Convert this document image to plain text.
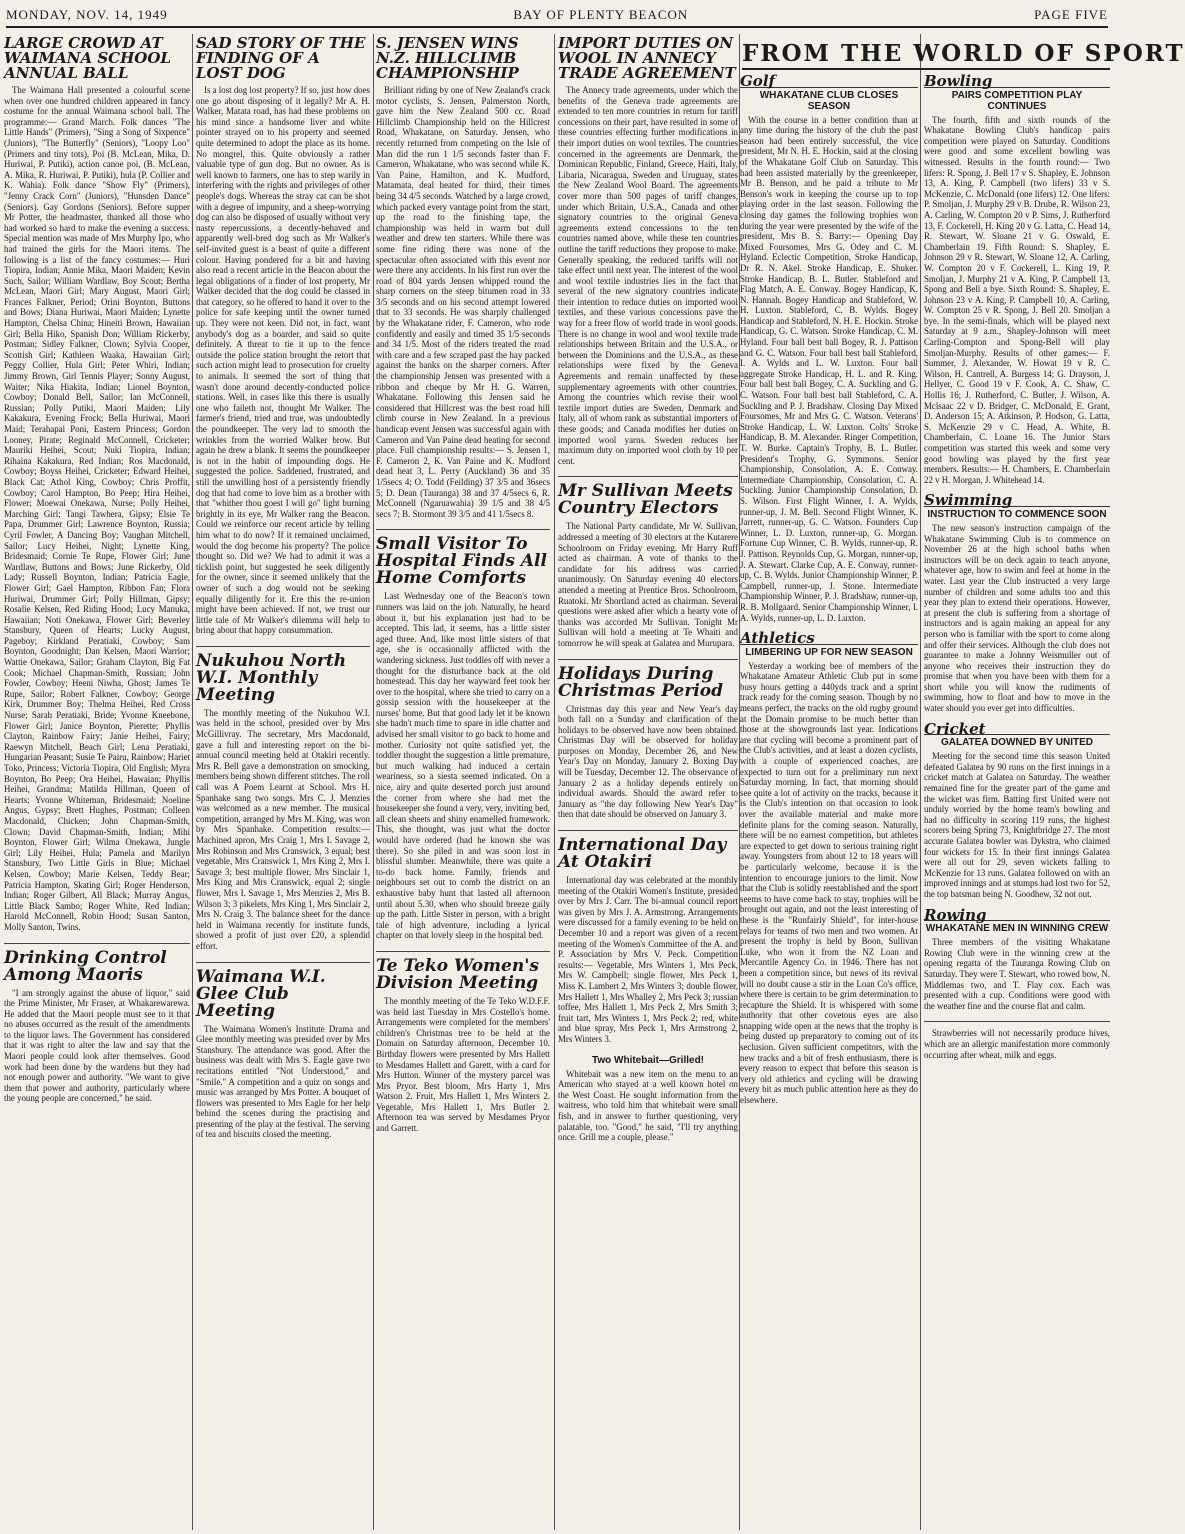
MONDAY, NOV. 14, 1949	BAY OF PLENTY BEACON	PAGE FIVE
LARGE CROWD AT WAIMANA SCHOOL ANNUAL BALL

The Waimana Hall presented a colourful scene when over one hundred children appeared in fancy costume for the annual Waimana school ball. The programme:— Grand March. Folk dances "The Little Hands" (Primers), "Sing a Song of Sixpence" (Juniors), "The Butterfly" (Seniors), "Loopy Loo" (Primers and tiny tots), Poi (B. McLean, Mika, D. Huriwai, P. Putiki), action canoe poi, (B. McLean, A. Mika, R. Huriwai, P. Putiki), hula (P. Collier and K. Wahia). Folk dance "Show Fly" (Primers), "Jenny Crack Corn" (Juniors), "Hunsden Dance" (Seniors). Gay Gordons (Seniors). Before supper Mr Potter, the headmaster, thanked all those who had worked so hard to make the evening a success. Special mention was made of Mrs Murphy Ipo, who had trained the girls for the Maori items. The following is a list of the fancy costumes:— Huri Tiopira, Indian; Annie Mika, Maori Maiden; Kevin Such, Sailor; William Wardlaw, Boy Scout; Bertha McLean, Maori Girl; Mary August, Maori Girl; Frances Falkner, Period; Orini Boynton, Buttons and Bows; Diana Huriwai, Maori Maiden; Lynette Hampton, Chelsa China; Hineiti Brown, Hawaiian Girl; Bella Hiko, Spanish Don; William Rickerby, Postman; Sidley Falkner, Clown; Sylvia Cooper, Scottish Girl; Kathleen Waaka, Hawaiian Girl; Peggy Collier, Hula Girl; Peter Whiri, Indian; Jimmy Brown, Girl Tennis Player; Sonny August, Waiter; Nika Hiakita, Indian; Lionel Boynton, Cowboy; Donald Bell, Sailor; Ian McConnell, Russian; Polly Putiki, Maori Maiden; Lily Kakakura, Evening Frock; Bella Huriwai, Maori Maid; Terahapai Poni, Eastern Princess; Gordon Looney, Pirate; Reginald McConnell, Cricketer; Mauriki Heihei, Scout; Nuki Tiopira, Indian; Rihaina Kakakura, Red Indian; Ros Macdonald, Cowboy; Boyss Heihei, Cricketer; Edward Heihei, Black Cat; Athol King, Cowboy; Chris Proffit, Cowboy; Carol Hampton, Bo Peep; Hira Heihei, Flower; Moewai Onekawa, Nurse; Polly Heihei, Marching Girl; Tangi Tawhera, Gipsy; Elsie Te Papa, Drummer Girl; Lawrence Boynton, Russia; Cyril Fowler, A Dancing Boy; Vaughan Mitchell, Sailor; Lucy Heihei, Night; Lynette King, Bridesmaid; Cornie Te Rupe, Flower Girl; June Wardlaw, Buttons and Bows; June Rickerby, Old Lady; Russell Boynton, Indian; Patricia Eagle, Flower Girl; Gael Hampton, Ribbon Fan; Flora Huriwai, Drummer Girl; Polly Hillman, Gipsy; Rosalie Kelsen, Red Riding Hood; Lucy Manuka, Hawaiian; Noti Onekawa, Flower Girl; Beverley Stansbury, Queen of Hearts; Lucky August, Pageboy; Kirkland Peratiaki, Cowboy; Sam Boynton, Goodnight; Dan Kelsen, Maori Warrior; Wattie Onekawa, Sailor; Graham Clayton, Big Fat Cook; Michael Chapman-Smith, Russian; John Fowler, Cowboy; Heeni Niwha, Ghost; James Te Rupe, Sailor; Robert Falkner, Cowboy; George Kirk, Drummer Boy; Thelma Heihei, Red Cross Nurse; Sarah Peratiaki, Bride; Yvonne Kneebone, Flower Girl; Janice Boynton, Pierette; Phyllis Clayton, Rainbow Fairy; Janie Heihei, Fairy; Raewyn Mitchell, Beach Girl; Lena Peratiaki, Hungarian Peasant; Susie Te Pairu, Rainbow; Hariet Toko, Princess; Victoria Tiopira, Old English; Myra Boynton, Bo Peep; Ora Heihei, Hawaian; Phyllis Heihei, Grandma; Matilda Hillman, Queen of Hearts; Yvonne Whiteman, Bridesmaid; Noeline Angus, Gypsy; Brett Hughes, Postman; Colleen Macdonald, Chicken; John Chapman-Smith, Clown; David Chapman-Smith, Indian; Mihi Boynton, Flower Girl; Wilma Onekawa, Jungle Girl; Lily Heihei, Hula; Pamela and Marilyn Stansbury, Two Little Girls in Blue; Michael Kelsen, Cowboy; Marie Kelsen, Teddy Bear; Patricia Hampton, Skating Girl; Roger Henderson, Indian; Roger Gilbert, All Black; Murray Angus, Little Black Sambo; Roger White, Red Indian; Harold McConnell, Robin Hood; Susan Santon, Molly Santon, Twins.

Drinking Control Among Maoris

"I am strongly against the abuse of liquor," said the Prime Minister, Mr Fraser, at Whakarewarewa. He added that the Maori people must see to it that no abuses occurred as the result of the amendments to the liquor laws. The Government has considered that it was right to alter the law and say that the Maori people could look after themselves. Good work had been done by the wardens but they had not enough power and authority. "We want to give them that power and authority, particularly where the young people are concerned," he said.

SAD STORY OF THE FINDING OF A LOST DOG

Is a lost dog lost property? If so, just how does one go about disposing of it legally? Mr A. H. Walker, Matata road, has had these problems on his mind since a handsome liver and white pointer strayed on to his property and seemed quite determined to adopt the place as its home. No mongrel, this. Quite obviously a rather valuable type of gun dog. But no owner. As is well known to farmers, one has to step warily in interfering with the rights and privileges of other people's dogs. Whereas the stray cat can be shot with a degree of impunity, and a sheep-worrying dog can also be disposed of usually without very nasty repercussions, a decently-behaved and apparently well-bred dog such as Mr Walker's self-invited guest is a beast of quite a different colour. Having pondered for a bit and having also read a recent article in the Beacon about the legal obligations of a finder of lost property, Mr Walker decided that the dog could be classed in that category, so he offered to hand it over to the police for safe keeping until the owner turned up. They were not keen. Did not, in fact, want anybody's dog as a boarder, and said so quite definitely. A threat to tie it up to the fence outside the police station brought the retort that such action might lead to prosecution for cruelty to animals. It seemed the sort of thing that wasn't done around decently-conducted police stations. Well, in cases like this there is usually one who faileth not, thought Mr Walker. The farmer's friend, tried and true, was undoubtedly the poundkeeper. The very lad to smooth the wrinkles from the worried Walker brow. But again he drew a blank. It seems the poundkeeper is not in the habit of impounding dogs. He suggested the police. Saddened, frustrated, and still the unwilling host of a persistently friendly dog that had come to love him as a brother with that "whither thou goest I will go" light burning brightly in its eye, Mr Walker rang the Beacon. Could we reinforce our recent article by telling him what to do now? If it remained unclaimed, would the dog become his property? The police thought so. Did we? We had to admit it was a ticklish point, but suggested he seek diligently for the owner, since it seemed unlikely that the owner of such a dog would not be seeking equally diligently for it. Ere this the re-union might have been achieved. If not, we trust our little tale of Mr Walker's dilemma will help to bring about that happy consummation.

Nukuhou North W.I. Monthly Meeting

The monthly meeting of the Nukuhou W.I. was held in the school, presided over by Mrs McGillivray. The secretary, Mrs Macdonald, gave a full and interesting report on the bi-annual council meeting held at Otakiri recently. Mrs R. Bell gave a demonstration on smocking, members being shown different stitches. The roll call was A Poem Learnt at School. Mrs H. Spanhake sang two songs. Mrs C. J. Menzies was welcomed as a new member. The musical competition, arranged by Mrs M. King, was won by Mrs Spanhake. Competition results:— Machined apron, Mrs Craig 1, Mrs I. Savage 2, Mrs Robinson and Mrs Cranswick, 3 equal; best vegetable, Mrs Cranswick 1, Mrs King 2, Mrs I. Savage 3; best multiple flower, Mrs Sinclair 1, Mrs King and Mrs Cranswick, equal 2; single flower, Mrs I. Savage 1, Mrs Menzies 2, Mrs B. Wilson 3; 3 pikelets, Mrs King 1, Mrs Sinclair 2, Mrs N. Craig 3. The balance sheet for the dance held in Waimana recently for institute funds, showed a profit of just over £20, a splendid effort.

Waimana W.I. Glee Club Meeting

The Waimana Women's Institute Drama and Glee monthly meeting was presided over by Mrs Stansbury. The attendance was good. After the business was dealt with Mrs S. Eagle gave two recitations entitled "Not Understood," and "Smile." A competition and a quiz on songs and music was arranged by Mrs Potter. A bouquet of flowers was presented to Mrs Eagle for her help behind the scenes during the practising and presenting of the play at the festival. The serving of tea and biscuits closed the meeting.

S. JENSEN WINS N.Z. HILLCLIMB CHAMPIONSHIP

Brilliant riding by one of New Zealand's crack motor cyclists, S. Jensen, Palmerston North, gave him the New Zealand 500 cc. Road Hillclimb Championship held on the Hillcrest Road, Whakatane, on Saturday. Jensen, who recently returned from competing on the Isle of Man did the run 1 1/5 seconds faster than F. Cameron, Whakatane, who was second while K. Van Paine, Hamilton, and K. Mudford, Matamata, deal heated for third, their times being 34 4/5 seconds. Watched by a large crowd, which packed every vantage point from the start, up the road to the finishing tape, the championship was held in warm but dull weather and drew ten starters. While there was some fine riding there was none of the spectacular often associated with this event nor were there any accidents. In his first run over the road of 804 yards Jensen whipped round the sharp corners on the steep bitumen road in 33 3/5 seconds and on his second attempt lowered that to 33 seconds. He was sharply challenged by the Whakatane rider, F. Cameron, who rode confidently and easily and timed 35 1/5 seconds and 34 1/5. Most of the riders treated the road with care and a few scraped past the hay packed against the banks on the sharper corners. After the championship Jensen was presented with a ribbon and cheque by Mr H. G. Warren, Whakatane. Following this Jensen said he considered that Hillcrest was the best road hill climb course in New Zealand. In a previous handicap event Jensen was successful again with Cameron and Van Paine dead heating for second place. Full championship results:— S. Jensen 1, F. Cameron 2, K. Van Paine and K. Mudford dead heat 3, L. Perry (Auckland) 36 and 35 1/5secs 4; O. Todd (Feilding) 37 3/5 and 36secs 5; D. Dean (Tauranga) 38 and 37 4/5secs 6, R. McConnell (Ngaruawahia) 39 1/5 and 38 4/5 secs 7; B. Stormont 39 3/5 and 41 1/5secs 8.

Small Visitor To Hospital Finds All Home Comforts

Last Wednesday one of the Beacon's town runners was laid on the job. Naturally, he heard about it, but his explanation just had to be accepted. This lad, it seems, has a little sister aged three. And, like most little sisters of that age, she is occasionally afflicted with the wandering sickness. Just toddles off with never a thought for the disturbance back at the old homestead. This day her wayward feet took her over to the hospital, where she tried to carry on a gossip session with the housekeeper at the nurses' home. But that good lady let it be known she hadn't much time to spare in idle chatter and advised her small visitor to go back to home and mother. Curiosity not quite satisfied yet, the toddler thought the suggestion a little premature, but much walking had induced a certain weariness, so a siesta seemed indicated. On a nice, airy and quite deserted porch just around the corner from where she had met the housekeeper she found a very, very, inviting bed, all clean sheets and shiny enamelled framework. This, she thought, was just what the doctor would have ordered (had he known she was there). So she piled in and was soon lost in blissful slumber. Meanwhile, there was quite a to-do back home. Family, friends and neighbours set out to comb the district on an exhaustive baby hunt that lasted all afternoon until about 5.30, when who should breeze gaily up the path. Little Sister in person, with a bright tale of high adventure, including a lyrical chapter on that lovely sleep in the hospital bed.

Te Teko Women's Division Meeting

The monthly meeting of the Te Teko W.D.F.F. was held last Tuesday in Mrs Costello's home. Arrangements were completed for the members' children's Christmas tree to be held at the Domain on Saturday afternoon, December 10. Birthday flowers were presented by Mrs Hallett to Mesdames Hallett and Garett, with a card for Mrs Hutton. Winner of the mystery parcel was Mrs Pryor. Best bloom, Mrs Harty 1, Mrs Watson 2. Fruit, Mrs Hallett 1, Mrs Winters 2. Vegetable, Mrs Hallett 1, Mrs Butler 2. Afternoon tea was served by Mesdames Pryor and Garrett.

IMPORT DUTIES ON WOOL IN ANNECY TRADE AGREEMENT

The Annecy trade agreements, under which the benefits of the Geneva trade agreements are extended to ten more countries in return for tariff concessions on their part, have resulted in some of these countries effecting further modifications in their import duties on wool textiles. The countries concerned in the agreements are Denmark, the Dominican Republic, Finland, Greece, Haiti, Italy, Libaria, Nicaragua, Sweden and Uruguay, states the New Zealand Wool Board. The agreements cover more than 500 pages of tariff changes, under which Britain, U.S.A., Canada and other signatory countries to the original Geneva agreements extend concessions to the ten countries named above, while these ten countries outline the tariff reductions they propose to make. Generally speaking, the reduced tariffs will not take effect until next year. The interest of the wool and wool textile industries lies in the fact that several of the new signatory countries indicate their intention to reduce duties on imported wool textiles, and these various concessions pave the way for a freer flow of world trade in wool goods. There is no change in wool and wool textile trade relationships between Britain and the U.S.A., or between the Dominions and the U.S.A., as these relationships were fixed by the Geneva Agreements and remain unaffected by these supplementary agreements with other countries. Among the countries which revise their wool textile import duties are Sweden, Denmark and Italy, all of whom rank as substantial importers of these goods; and Canada modifies her duties on imported wool yarns. Sweden reduces her maximum duty on imported wool cloth by 10 per cent.

Mr Sullivan Meets Country Electors

The National Party candidate, Mr W. Sullivan, addressed a meeting of 30 electors at the Kutarere Schoolroom on Friday evening. Mr Harry Ruff acted as chairman. A vote of thanks to the candidate for his address was carried unanimously. On Saturday evening 40 electors attended a meeting at Prentice Bros. Schoolroom, Ruatoki. Mr Shortland acted as chairman. Several questions were asked after which a hearty vote of thanks was accorded Mr Sullivan. Tonight Mr Sullivan will hold a meeting at Te Whaiti and tomorrow he will speak at Galatea and Murupara.

Holidays During Christmas Period

Christmas day this year and New Year's day both fall on a Sunday and clarification of the holidays to be observed have now been obtained. Christmas Day will be observed for holiday purposes on Monday, December 26, and New Year's Day on Monday, January 2. Boxing Day will be Tuesday, December 12. The observance of January 2 as a holiday depends entirely on individual awards. Should the award refer to January as "the day following New Year's Day" then that date should be observed on January 3.

International Day At Otakiri

International day was celebrated at the monthly meeting of the Otakiri Women's Institute, presided over by Mrs J. Carr. The bi-annual council report was given by Mrs J. A. Armstrong. Arrangements were discussed for a family evening to be held on December 10 and a report was given of a recent meeting of the Women's Committee of the A. and P. Association by Mrs V. Peck. Competition results:— Vegetable, Mrs Winters 1, Mrs Peck, Mrs W. Campbell; single flower, Mrs Peck 1, Miss K. Lambert 2, Mrs Winters 3; double flower, Mrs Hallett 1, Mrs Whalley 2, Mrs Peck 3; russian toffee, Mrs Hallett 1, Mrs Peck 2, Mrs Smith 3; fruit tart, Mrs Winters 1, Mrs Peck 2; red, white and blue spray, Mrs Peck 1, Mrs Armstrong 2, Mrs Winters 3.

Two Whitebait—Grilled!

Whitebait was a new item on the menu to an American who stayed at a well known hotel on the West Coast. He sought information from the waitress, who told him that whitebait were small fish, and in answer to further questioning, very palatable, too. "Good," he said, "I'll try anything once. Grill me a couple, please."

FROM THE WORLD OF SPORT
Golf
WHAKATANE CLUB CLOSES SEASON

With the course in a better condition than at any time during the history of the club the past season had been entirely successful, the vice president, Mr N. H. E. Hockin, said at the closing of the Whakatane Golf Club on Saturday. This had been assisted materially by the greenkeeper, Mr B. Benson, and he paid a tribute to Mr Benson's work in keeping the course up to top playing order in the last season. Following the closing day games the following trophies won during the year were presented by the wife of the president, Mrs B. S. Barry:— Opening Day Mixed Foursomes, Mrs G. Odey and C. M. Hyland. Eclectic Competition, Stroke Handicap, Dr R. N. Akel. Stroke Handicap, E. Shuker. Stroke Handicap, B. L. Butler. Stableford and Flag Match, A. E. Conway. Bogey Handicap, K. N. Hannah. Bogey Handicap and Stableford, W. H. Luxton. Stableford, C. B. Wylds. Bogey Handicap and Stableford, N. H. E. Hockin. Stroke Handicap, G. C. Watson. Stroke Handicap, C. M. Hyland. Four ball best ball Bogey, R. J. Pattison and G. C. Watson. Four ball best ball Stableford, I. A. Wylds and L. W. Luxton. Four ball aggregate Stroke Handicap, H. L. and R. King. Four ball best ball Bogey, C. A. Suckling and G. C. Watson. Four ball best ball Stableford, C. A. Suckling and P. J. Bradshaw. Closing Day Mixed Foursomes, Mr and Mrs G. C. Watson. Veterans' Stroke Handicap, L. W. Luxton. Colts' Stroke Handicap, B. M. Alexander. Ringer Competition, T. W. Burke. Captain's Trophy, B. L. Butler. President's Trophy, G. Symmons. Senior Championship, Consolation, A. E. Conway. Intermediate Championship, Consolation, C. A. Suckling. Junior Championship Consolation, D. S. Wilson. First Flight Winner, I. A. Wylds, runner-up, J. M. Bell. Second Flight Winner, K. Jarrett, runner-up, G. C. Watson. Founders Cup Winner, L. D. Luxton, runner-up, G. Morgan. Fortune Cup Winner, C. B. Wylds, runner-up, R. J. Pattison. Reynolds Cup, G. Morgan, runner-up, J. A. Stewart. Clarke Cup, A. E. Conway, runner-up, C. B. Wylds. Junior Championship Winner, P. Campbell, runner-up, J. Stone. Intermediate Championship Winner, P. J. Bradshaw, runner-up, R. B. Mollgaard. Senior Championship Winner, I. A. Wylds, runner-up, L. D. Luxton.

Athletics
LIMBERING UP FOR NEW SEASON

Yesterday a working bee of members of the Whakatane Amateur Athletic Club put in some busy hours getting a 440yds track and a sprint track ready for the coming season. Though by no means perfect, the tracks on the old rugby ground at the Domain promise to be much better than those at the showgrounds last year. Indications are that cycling will become a prominent part of the Club's activities, and at least a dozen cyclists, with a couple of experienced coaches, are expected to turn out for a preliminary run next Saturday morning. In fact, that morning should see quite a lot of activity on the tracks, because it is the Club's intention on that occasion to look over the available material and make more definite plans for the coming season. Naturally, there will be no earnest competition, but athletes are expected to get down to serious training right away. Youngsters from about 12 to 18 years will be particularly welcome, because it is the intention to encourage juniors to the limit. Now that the Club is solidly reestablished and the sport seems to have come back to stay, trophies will be brought out again, and not the least interesting of these is the "Runfairly Shield", for inter-house relays for teams of two men and two women. At present the trophy is held by Boon, Sullivan Luke, who won it from the NZ Loan and Mercantile Agency Co. in 1946. There has not been a competition since, but news of its revival will no doubt cause a stir in the Loan Co's office, where there is certain to be grim determination to recapture the Shield. It is whispered with some authority that other covetous eyes are also snapping wide open at the news that the trophy is being dusted up preparatory to coming out of its seclusion. Given sufficient competitors, with the new tracks and a bit of fresh enthusiasm, there is every reason to expect that before this season is very old athletics and cycling will be drawing every bit as much public attention here as they do elsewhere.

Bowling
PAIRS COMPETITION PLAY CONTINUES

The fourth, fifth and sixth rounds of the Whakatane Bowling Club's handicap pairs competition were played on Saturday. Conditions were good and some excellent bowling was witnessed. Results in the fourth round:— Two lifers: R. Spong, J. Bell 17 v S. Shapley, E. Johnson 13, A. King, P. Campbell (two lifers) 33 v S. McKenzie, C. McDonald (one lifers) 12. One lifers: P. Smoljan, J. Murphy 29 v B. Drube, R. Wilson 23, A. Carling, W. Compton 20 v P. Sims, J. Rutherford 13, F. Cockerell, H. King 20 v G. Latta, C. Head 14, R. Stewart, W. Sloane 21 v G. Oswald, E. Chamberlain 19. Fifth Round: S. Shapley, E. Johnson 29 v R. Stewart, W. Sloane 12, A. Carling, W. Compton 20 v F. Cockerell, L. King 19, P. Smoljan, J. Murphy 21 v A. King, P. Campbell 13, Spong and Bell a bye. Sixth Round: S. Shapley, E. Johnson 23 v A. King, P. Campbell 10, A. Carling, W. Compton 25 v R. Spong, J. Bell 20. Smoljan a bye. In the semi-finals, which will be played next Saturday at 9 a.m., Shapley-Johnson will meet Carling-Compton and Spong-Bell will play Smoljan-Murphy. Results of other games:— F. Summer, J. Alexander, W. Howat 19 v R. C. Wilson, H. Cantrell, A. Burgess 14; G. Drayson, J. Hellyer, C. Good 19 v F. Cook, A. C. Shaw, C. Hollis 16; J. Rutherford, C. Butler, J. Wilson, A. Mclsaac 22 v D. Bridger, C. McDonald, E. Grant, D. Anderson 15; A. Atkinson, P. Hodson, G. Latta, S. McKenzie 29 v C. Head, A. White, B. Chamberlain, C. Loane 16. The Junior Stars competition was started this week and some very good bowling was played by the first year members. Results:— H. Chambers, E. Chamberlain 22 v H. Morgan, J. Whitehead 14.

Swimming
INSTRUCTION TO COMMENCE SOON

The new season's instruction campaign of the Whakatane Swimming Club is to commence on November 26 at the high school baths when instructors will be on deck again to teach anyone, whatever age, how to swim and feel at home in the water. Last year the Club instructed a very large number of children and some adults too and this year they plan to extend their operations. However, at present the club is suffering from a shortage of instructors and is again making an appeal for any person who is familiar with the sport to come along and offer their services. Although the club does not guarantee to make a Johnny Weismuller out of anyone who receives their instruction they do promise that when you have been with them for a short while you will know the rudiments of swimming, how to float and how to move in the water should you ever get into difficulties.

Cricket
GALATEA DOWNED BY UNITED

Meeting for the second time this season United defeated Galatea by 90 runs on the first innings in a cricket match at Galatea on Saturday. The weather remained fine for the greater part of the game and the wicket was firm. Batting first United were not unduly worried by the home team's bowling and had no difficulty in scoring 119 runs, the highest scorers being Spring 73, Knightbridge 27. The most accurate Galatea bowler was Dykstra, who claimed four wickets for 15. In their first innings Galatea were all out for 29, seven wickets falling to McKenzie for 13 runs. Galatea followed on with an improved innings and at stumps had lost two for 52, the top batsman being N. Goodhew, 32 not out.

Rowing
WHAKATANE MEN IN WINNING CREW

Three members of the visiting Whakatane Rowing Club were in the winning crew at the opening regatta of the Tauranga Rowing Club on Saturday. They were T. Stewart, who rowed bow, N. Middlemas two, and T. Flay cox. Each was presented with a cup. Conditions were good with the weather fine and the course flat and calm.

Strawberries will not necessarily produce hives, which are an allergic manifestation more commonly occurring after wheat, milk and eggs.
